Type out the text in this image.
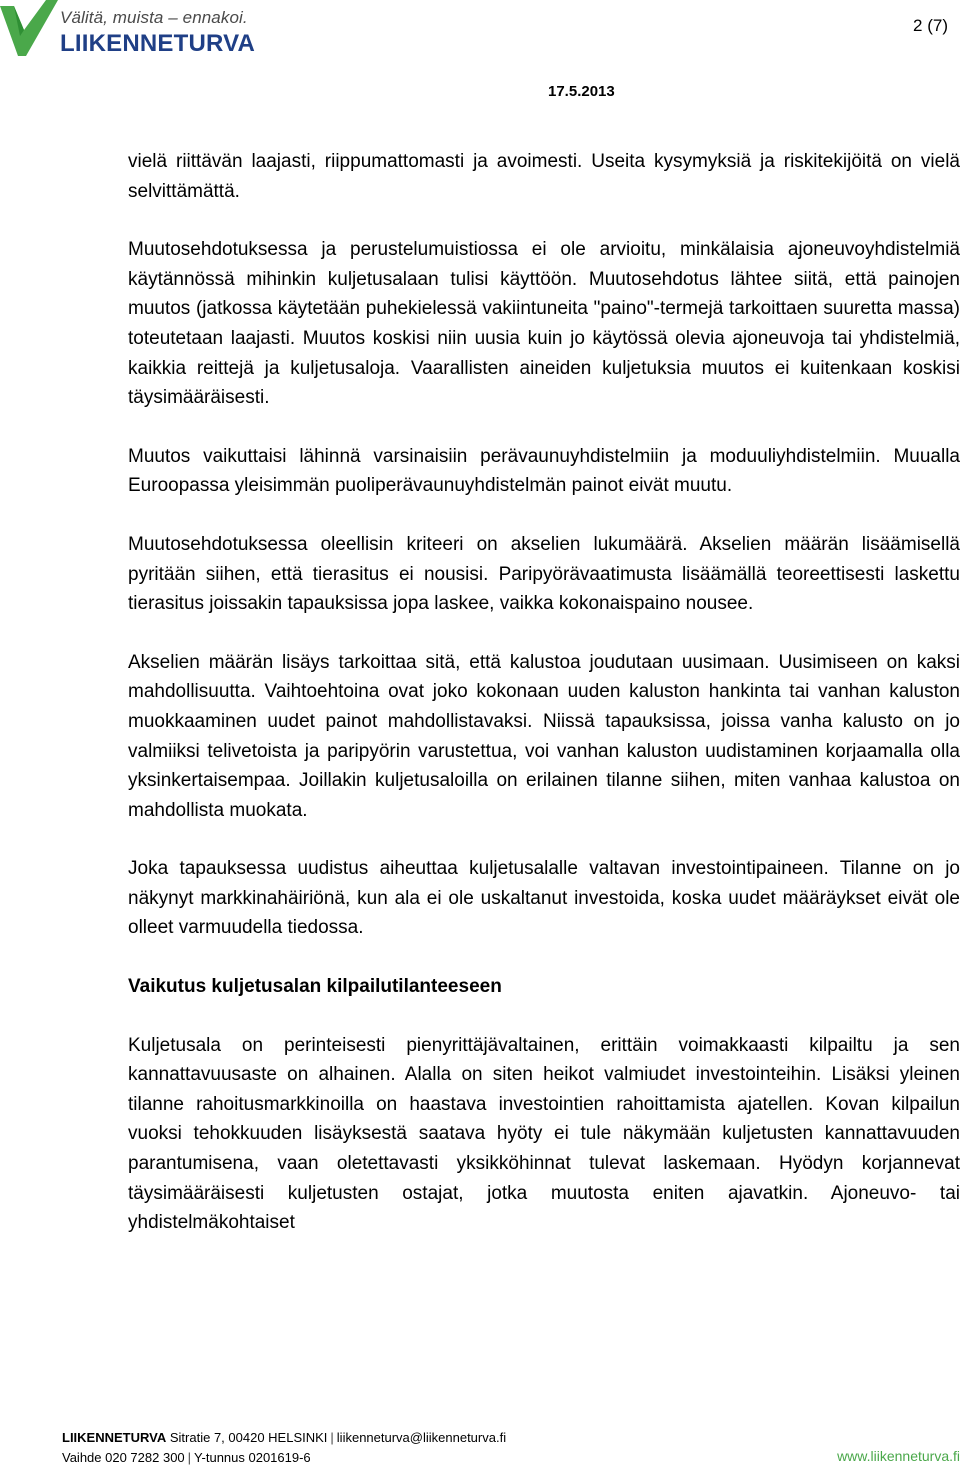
Välitä, muista – ennakoi.
LIIKENNETURVA
2 (7)
17.5.2013

vielä riittävän laajasti, riippumattomasti ja avoimesti. Useita kysymyksiä ja riskitekijöitä on vielä selvittämättä.

Muutosehdotuksessa ja perustelumuistiossa ei ole arvioitu, minkälaisia ajoneuvoyhdistelmiä käytännössä mihinkin kuljetusalaan tulisi käyttöön. Muutosehdotus lähtee siitä, että painojen muutos (jatkossa käytetään puhekielessä vakiintuneita "paino"-termejä tarkoittaen suuretta massa) toteutetaan laajasti. Muutos koskisi niin uusia kuin jo käytössä olevia ajoneuvoja tai yhdistelmiä, kaikkia reittejä ja kuljetusaloja. Vaarallisten aineiden kuljetuksia muutos ei kuitenkaan koskisi täysimääräisesti.

Muutos vaikuttaisi lähinnä varsinaisiin perävaunuyhdistelmiin ja moduuliyhdistelmiin. Muualla Euroopassa yleisimmän puoliperävaunuyhdistelmän painot eivät muutu.

Muutosehdotuksessa oleellisin kriteeri on akselien lukumäärä. Akselien määrän lisäämisellä pyritään siihen, että tierasitus ei nousisi. Paripyörävaatimusta lisäämällä teoreettisesti laskettu tierasitus joissakin tapauksissa jopa laskee, vaikka kokonaispaino nousee.

Akselien määrän lisäys tarkoittaa sitä, että kalustoa joudutaan uusimaan. Uusimiseen on kaksi mahdollisuutta. Vaihtoehtoina ovat joko kokonaan uuden kaluston hankinta tai vanhan kaluston muokkaaminen uudet painot mahdollistavaksi. Niissä tapauksissa, joissa vanha kalusto on jo valmiiksi telivetoista ja paripyörin varustettua, voi vanhan kaluston uudistaminen korjaamalla olla yksinkertaisempaa. Joillakin kuljetusaloilla on erilainen tilanne siihen, miten vanhaa kalustoa on mahdollista muokata.

Joka tapauksessa uudistus aiheuttaa kuljetusalalle valtavan investointipaineen. Tilanne on jo näkynyt markkinahäiriönä, kun ala ei ole uskaltanut investoida, koska uudet määräykset eivät ole olleet varmuudella tiedossa.

Vaikutus kuljetusalan kilpailutilanteeseen

Kuljetusala on perinteisesti pienyrittäjävaltainen, erittäin voimakkaasti kilpailtu ja sen kannattavuusaste on alhainen. Alalla on siten heikot valmiudet investointeihin. Lisäksi yleinen tilanne rahoitusmarkkinoilla on haastava investointien rahoittamista ajatellen. Kovan kilpailun vuoksi tehokkuuden lisäyksestä saatava hyöty ei tule näkymään kuljetusten kannattavuuden parantumisena, vaan oletettavasti yksikköhinnat tulevat laskemaan. Hyödyn korjannevat täysimääräisesti kuljetusten ostajat, jotka muutosta eniten ajavatkin. Ajoneuvo- tai yhdistelmäkohtaiset

LIIKENNETURVA Sitratie 7, 00420 HELSINKI | liikenneturva@liikenneturva.fi
Vaihde 020 7282 300 | Y-tunnus 0201619-6	www.liikenneturva.fi
